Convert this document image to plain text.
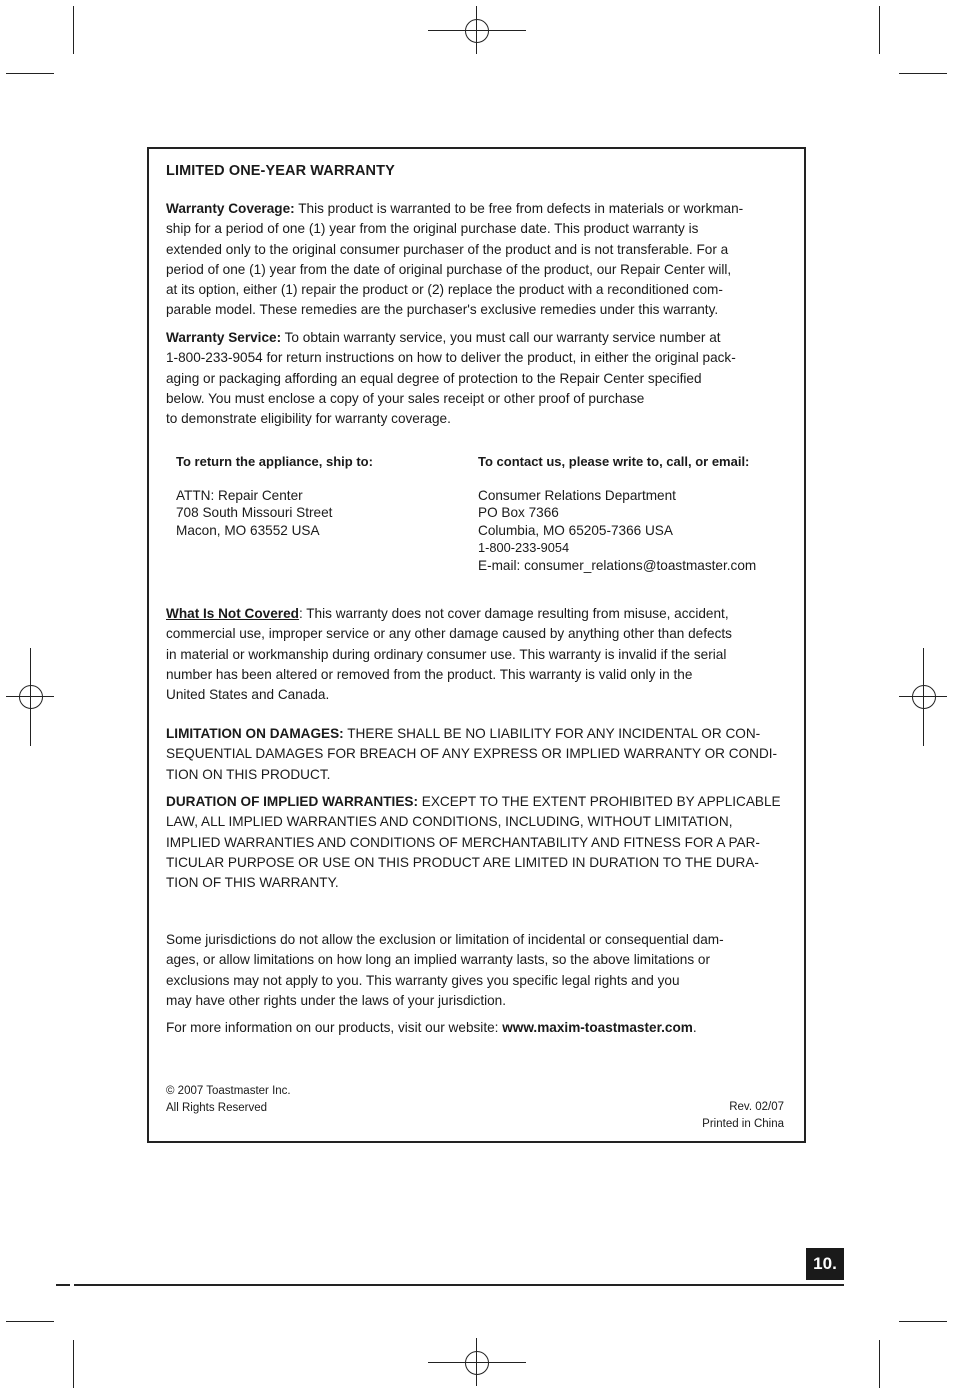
LIMITED ONE-YEAR WARRANTY
Warranty Coverage: This product is warranted to be free from defects in materials or workman-
ship for a period of one (1) year from the original purchase date. This product warranty is
extended only to the original consumer purchaser of the product and is not transferable. For a
period of one (1) year from the date of original purchase of the product, our Repair Center will,
at its option, either (1) repair the product or (2) replace the product with a reconditioned com-
parable model. These remedies are the purchaser's exclusive remedies under this warranty.
Warranty Service: To obtain warranty service, you must call our warranty service number at
1-800-233-9054 for return instructions on how to deliver the product, in either the original pack-
aging or packaging affording an equal degree of protection to the Repair Center specified
below. You must enclose a copy of your sales receipt or other proof of purchase
to demonstrate eligibility for warranty coverage.
To return the appliance, ship to:
ATTN: Repair Center
708 South Missouri Street
Macon, MO 63552 USA
To contact us, please write to, call, or email:
Consumer Relations Department
PO Box 7366
Columbia, MO 65205-7366 USA
1-800-233-9054
E-mail: consumer_relations@toastmaster.com
What Is Not Covered: This warranty does not cover damage resulting from misuse, accident,
commercial use, improper service or any other damage caused by anything other than defects
in material or workmanship during ordinary consumer use. This warranty is invalid if the serial
number has been altered or removed from the product. This warranty is valid only in the
United States and Canada.
LIMITATION ON DAMAGES: THERE SHALL BE NO LIABILITY FOR ANY INCIDENTAL OR CON-
SEQUENTIAL DAMAGES FOR BREACH OF ANY EXPRESS OR IMPLIED WARRANTY OR CONDI-
TION ON THIS PRODUCT.
DURATION OF IMPLIED WARRANTIES: EXCEPT TO THE EXTENT PROHIBITED BY APPLICABLE
LAW, ALL IMPLIED WARRANTIES AND CONDITIONS, INCLUDING, WITHOUT LIMITATION,
IMPLIED WARRANTIES AND CONDITIONS OF MERCHANTABILITY AND FITNESS FOR A PAR-
TICULAR PURPOSE OR USE ON THIS PRODUCT ARE LIMITED IN DURATION TO THE DURA-
TION OF THIS WARRANTY.
Some jurisdictions do not allow the exclusion or limitation of incidental or consequential dam-
ages, or allow limitations on how long an implied warranty lasts, so the above limitations or
exclusions may not apply to you. This warranty gives you specific legal rights and you
may have other rights under the laws of your jurisdiction.
For more information on our products, visit our website: www.maxim-toastmaster.com.
© 2007 Toastmaster Inc.
All Rights Reserved	Rev. 02/07
Printed in China
10.
